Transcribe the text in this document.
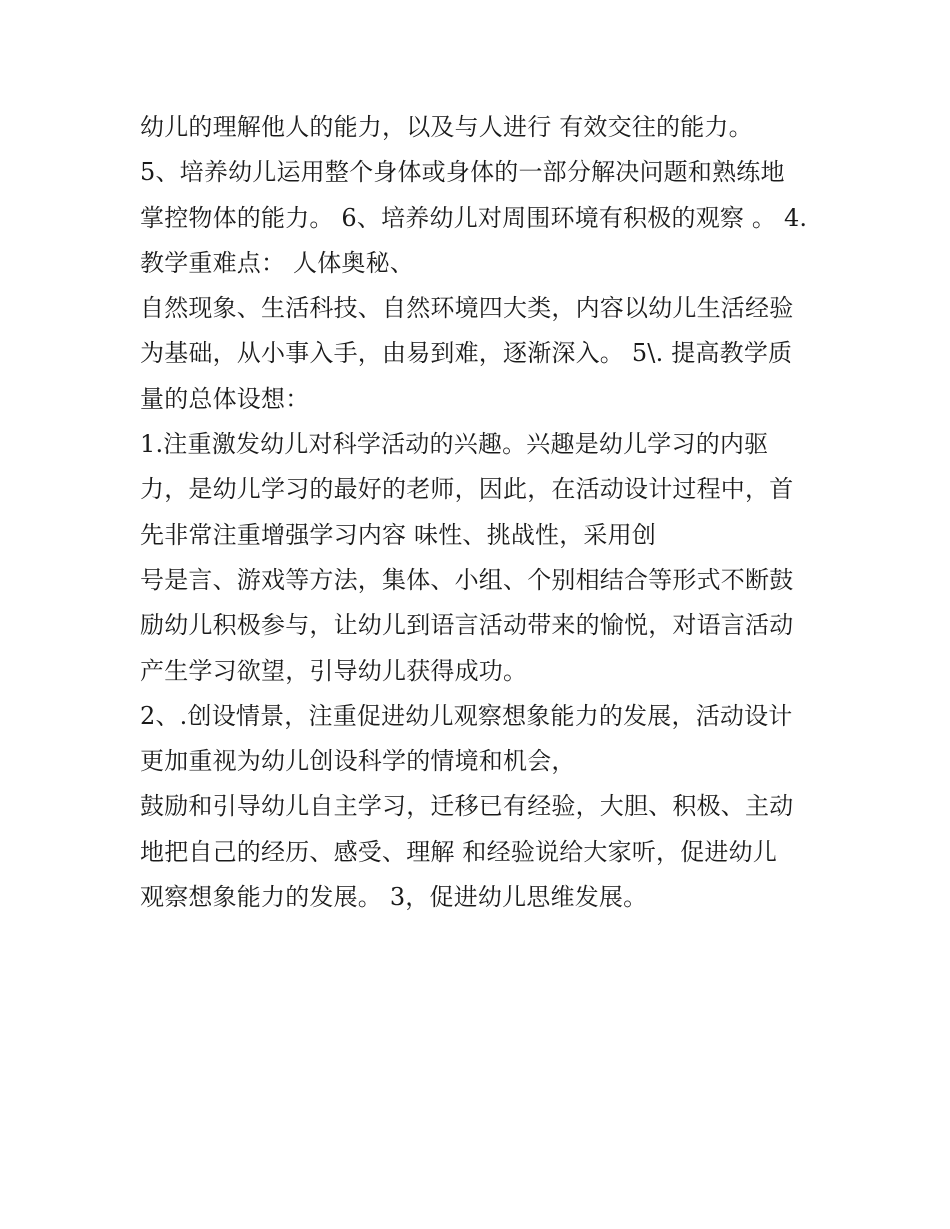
幼儿的理解他人的能力，以及与人进行 有效交往的能力。
5、培养幼儿运用整个身体或身体的一部分解决问题和熟练地
掌控物体的能力。 6、培养幼儿对周围环境有积极的观察 。 4.
教学重难点： 人体奥秘、
自然现象、生活科技、自然环境四大类，内容以幼儿生活经验
为基础，从小事入手，由易到难，逐渐深入。 5\. 提高教学质
量的总体设想：
1.注重激发幼儿对科学活动的兴趣。兴趣是幼儿学习的内驱
力，是幼儿学习的最好的老师，因此，在活动设计过程中，首
先非常注重增强学习内容 味性、挑战性，采用创
号是言、游戏等方法，集体、小组、个别相结合等形式不断鼓
励幼儿积极参与，让幼儿到语言活动带来的愉悦，对语言活动
产生学习欲望，引导幼儿获得成功。
2、.创设情景，注重促进幼儿观察想象能力的发展，活动设计
更加重视为幼儿创设科学的情境和机会，
鼓励和引导幼儿自主学习，迁移已有经验，大胆、积极、主动
地把自己的经历、感受、理解 和经验说给大家听，促进幼儿
观察想象能力的发展。 3，促进幼儿思维发展。
